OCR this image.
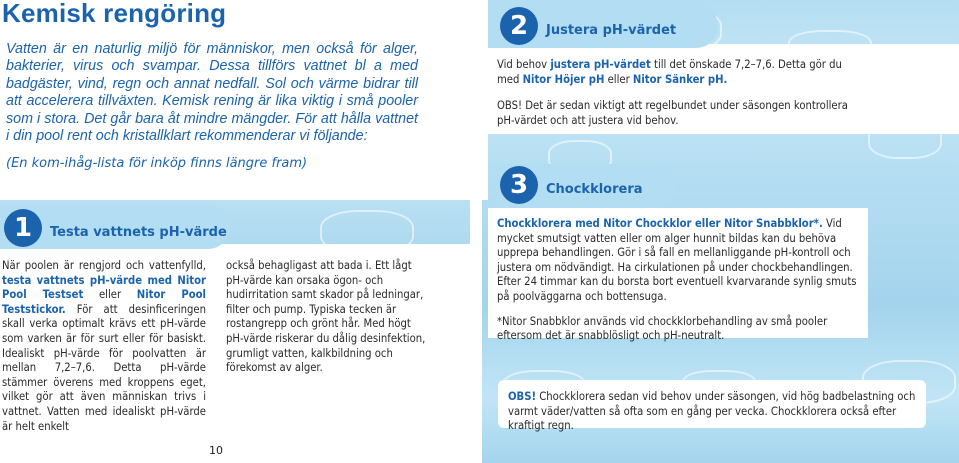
Kemisk rengöring
Vatten är en naturlig miljö för människor, men också för alger, bakterier, virus och svampar. Dessa tillförs vattnet bl a med badgäster, vind, regn och annat nedfall. Sol och värme bidrar till att accelerera tillväxten. Kemisk rening är lika viktig i små pooler som i stora. Det går bara åt mindre mängder. För att hålla vattnet i din pool rent och kristallklart rekommenderar vi följande:
(En kom-ihåg-lista för inköp finns längre fram)
2	Justera pH-värdet
Vid behov justera pH-värdet till det önskade 7,2–7,6. Detta gör du med Nitor Höjer pH eller Nitor Sänker pH.
OBS! Det är sedan viktigt att regelbundet under säsongen kontrollera pH-värdet och att justera vid behov.
3	Chockklorera
Chockklorera med Nitor Chockklor eller Nitor Snabbklor*. Vid mycket smutsigt vatten eller om alger hunnit bildas kan du behöva upprepa behandlingen. Gör i så fall en mellanliggande pH-kontroll och justera om nödvändigt. Ha cirkulationen på under chockbehandlingen. Efter 24 timmar kan du borsta bort eventuell kvarvarande synlig smuts på poolväggarna och bottensugа.
*Nitor Snabbklor används vid chockklorbehandling av små pooler eftersom det är snabblösligt och pH-neutralt.
OBS! Chockklorera sedan vid behov under säsongen, vid hög badbelastning och varmt väder/vatten så ofta som en gång per vecka. Chockklorera också efter kraftigt regn.
1	Testa vattnets pH-värde
När poolen är rengjord och vattenfylld, testa vattnets pH-värde med Nitor Pool Testset eller Nitor Pool Teststickor. För att desinficeringen skall verka optimalt krävs ett pH-värde som varken är för surt eller för basiskt. Idealiskt pH-värde för poolvatten är mellan 7,2–7,6. Detta pH-värde stämmer överens med kroppens eget, vilket gör att även människan trivs i vattnet. Vatten med idealiskt pH-värde är helt enkelt
också behagligast att bada i. Ett lågt pH-värde kan orsaka ögon- och hudirritation samt skador på ledningar, filter och pump. Typiska tecken är rostangrepp och grönt hår. Med högt pH-värde riskerar du dålig desinfektion, grumligt vatten, kalkbildning och förekomst av alger.
10
